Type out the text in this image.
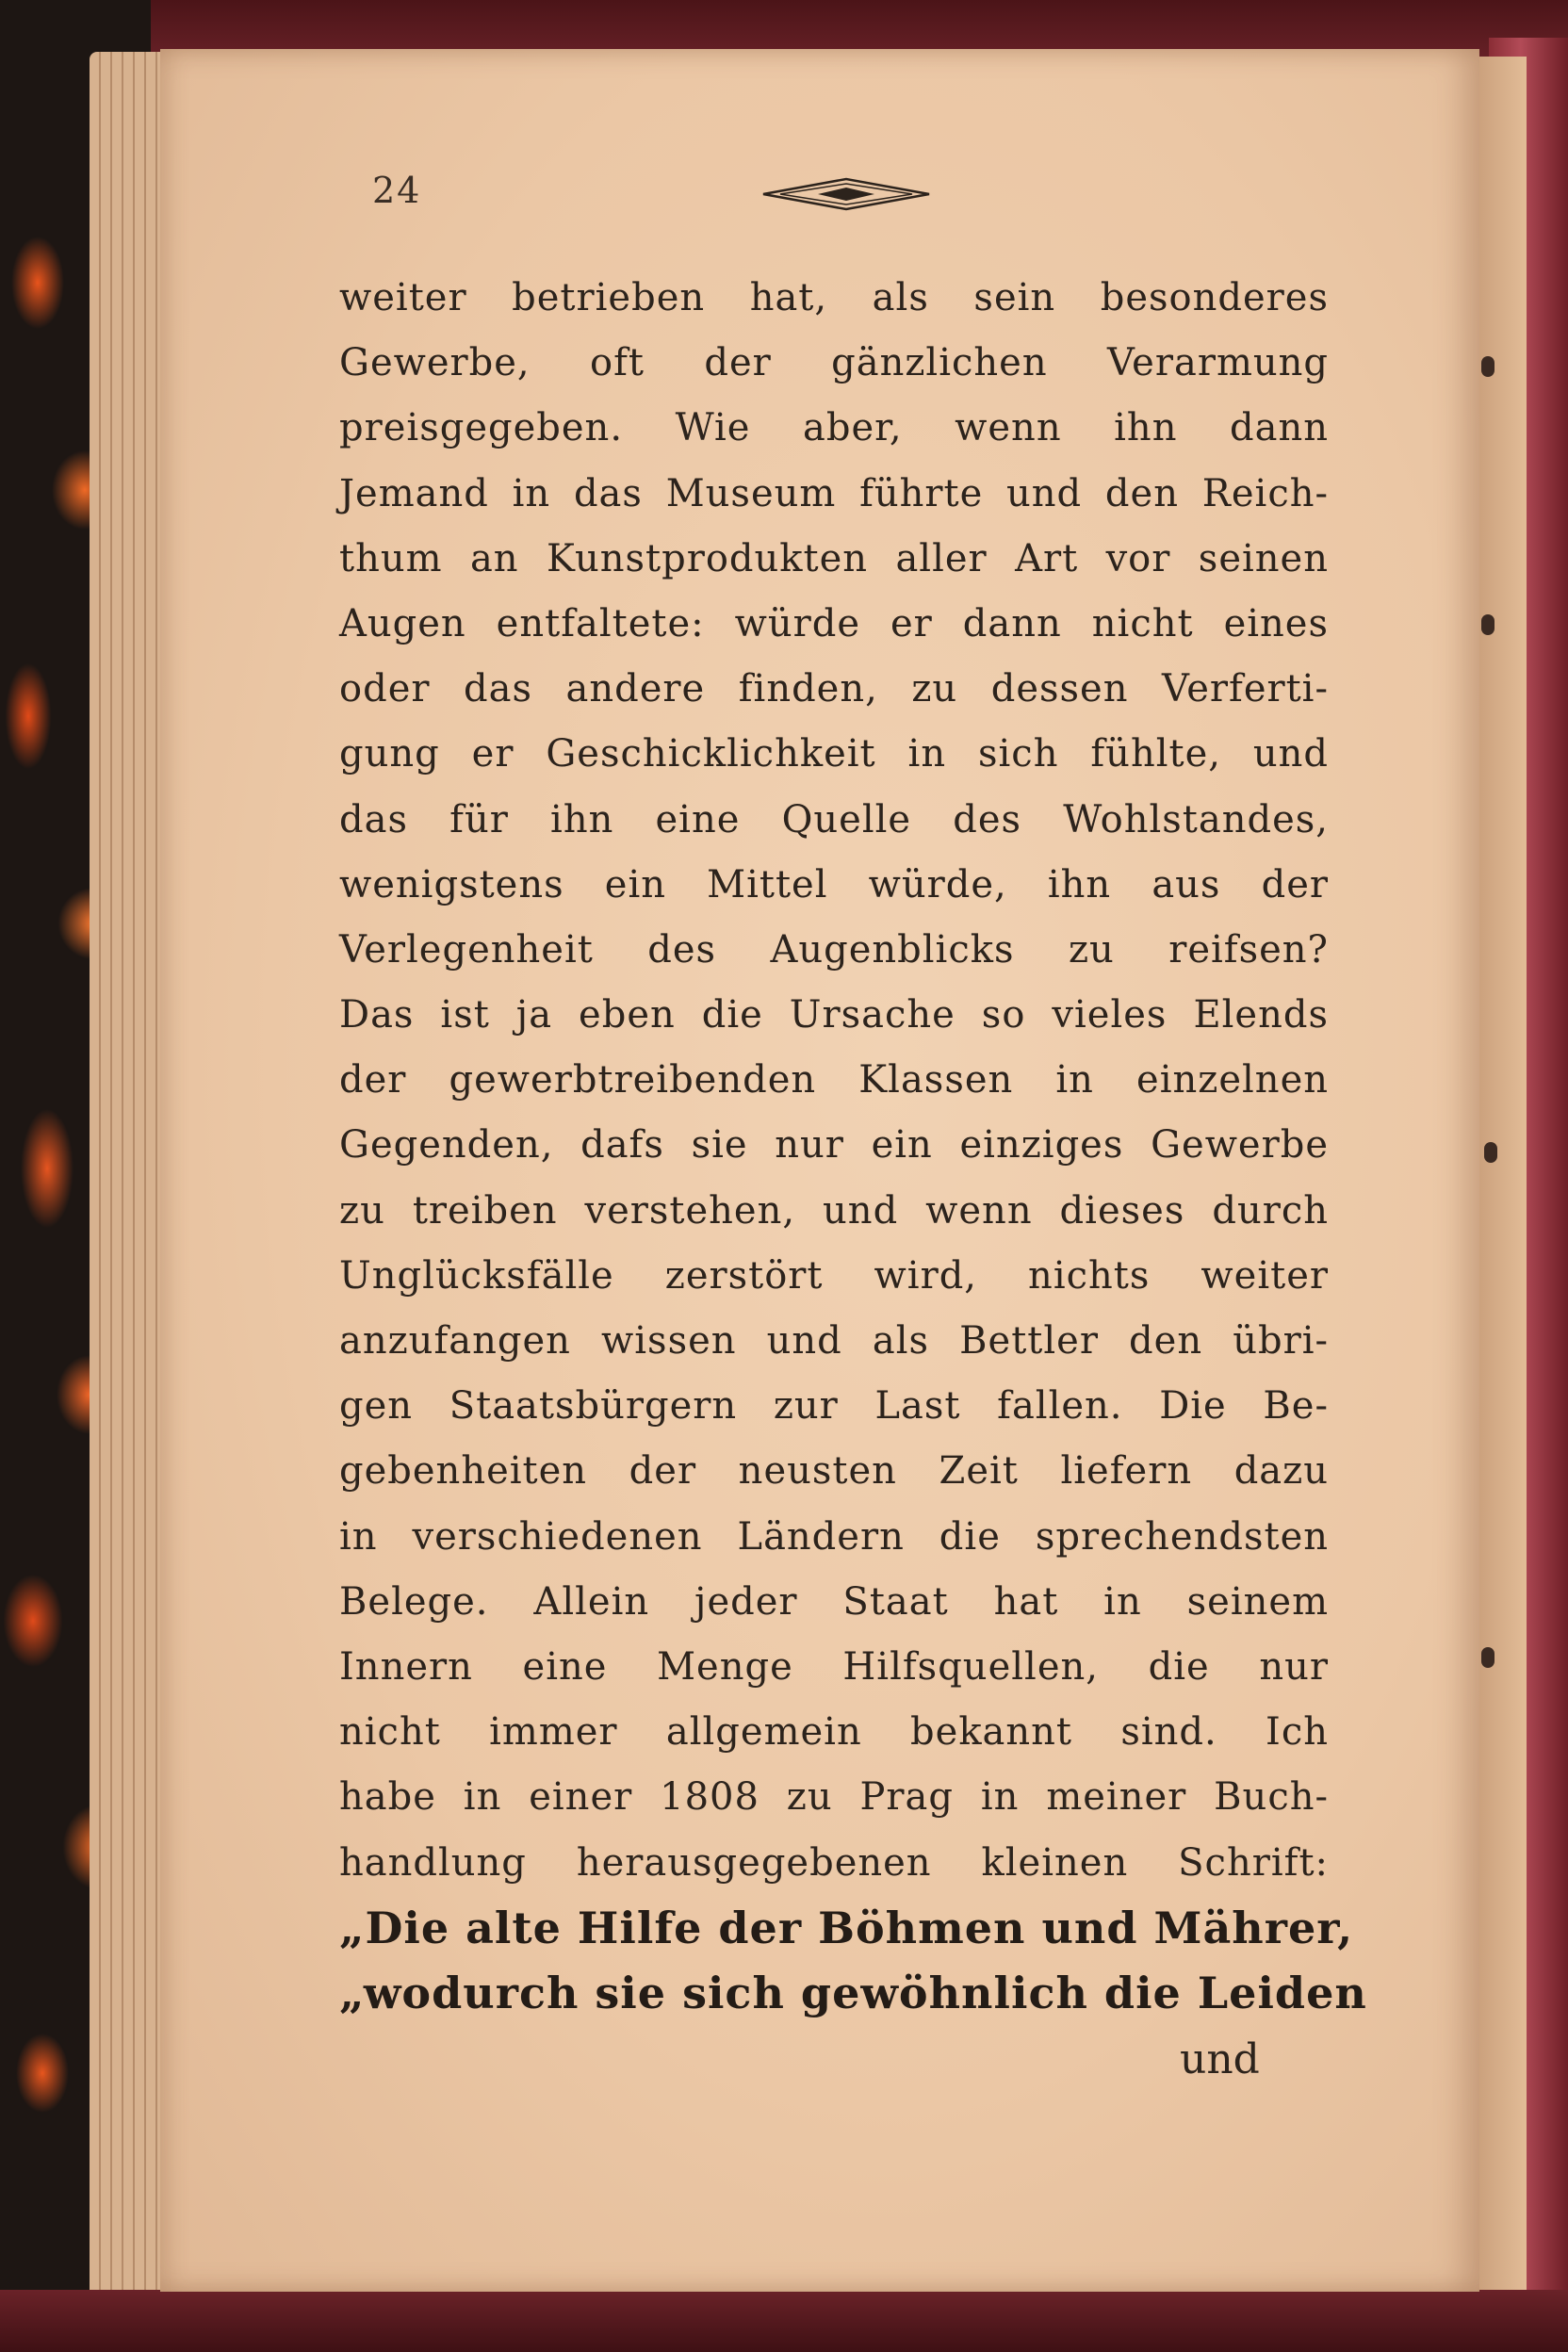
24
weiter betrieben hat, als sein besonderes
Gewerbe, oft der gänzlichen Verarmung
preisgegeben. Wie aber, wenn ihn dann
Jemand in das Museum führte und den Reich-
thum an Kunstprodukten aller Art vor seinen
Augen entfaltete: würde er dann nicht eines
oder das andere finden, zu dessen Verferti-
gung er Geschicklichkeit in sich fühlte, und
das für ihn eine Quelle des Wohlstandes,
wenigstens ein Mittel würde, ihn aus der
Verlegenheit des Augenblicks zu reifsen?
Das ist ja eben die Ursache so vieles Elends
der gewerbtreibenden Klassen in einzelnen
Gegenden, dafs sie nur ein einziges Gewerbe
zu treiben verstehen, und wenn dieses durch
Unglücksfälle zerstört wird, nichts weiter
anzufangen wissen und als Bettler den übri-
gen Staatsbürgern zur Last fallen. Die Be-
gebenheiten der neusten Zeit liefern dazu
in verschiedenen Ländern die sprechendsten
Belege. Allein jeder Staat hat in seinem
Innern eine Menge Hilfsquellen, die nur
nicht immer allgemein bekannt sind. Ich
habe in einer 1808 zu Prag in meiner Buch-
handlung herausgegebenen kleinen Schrift:
„Die alte Hilfe der Böhmen und Mährer,
„wodurch sie sich gewöhnlich die Leiden
und
